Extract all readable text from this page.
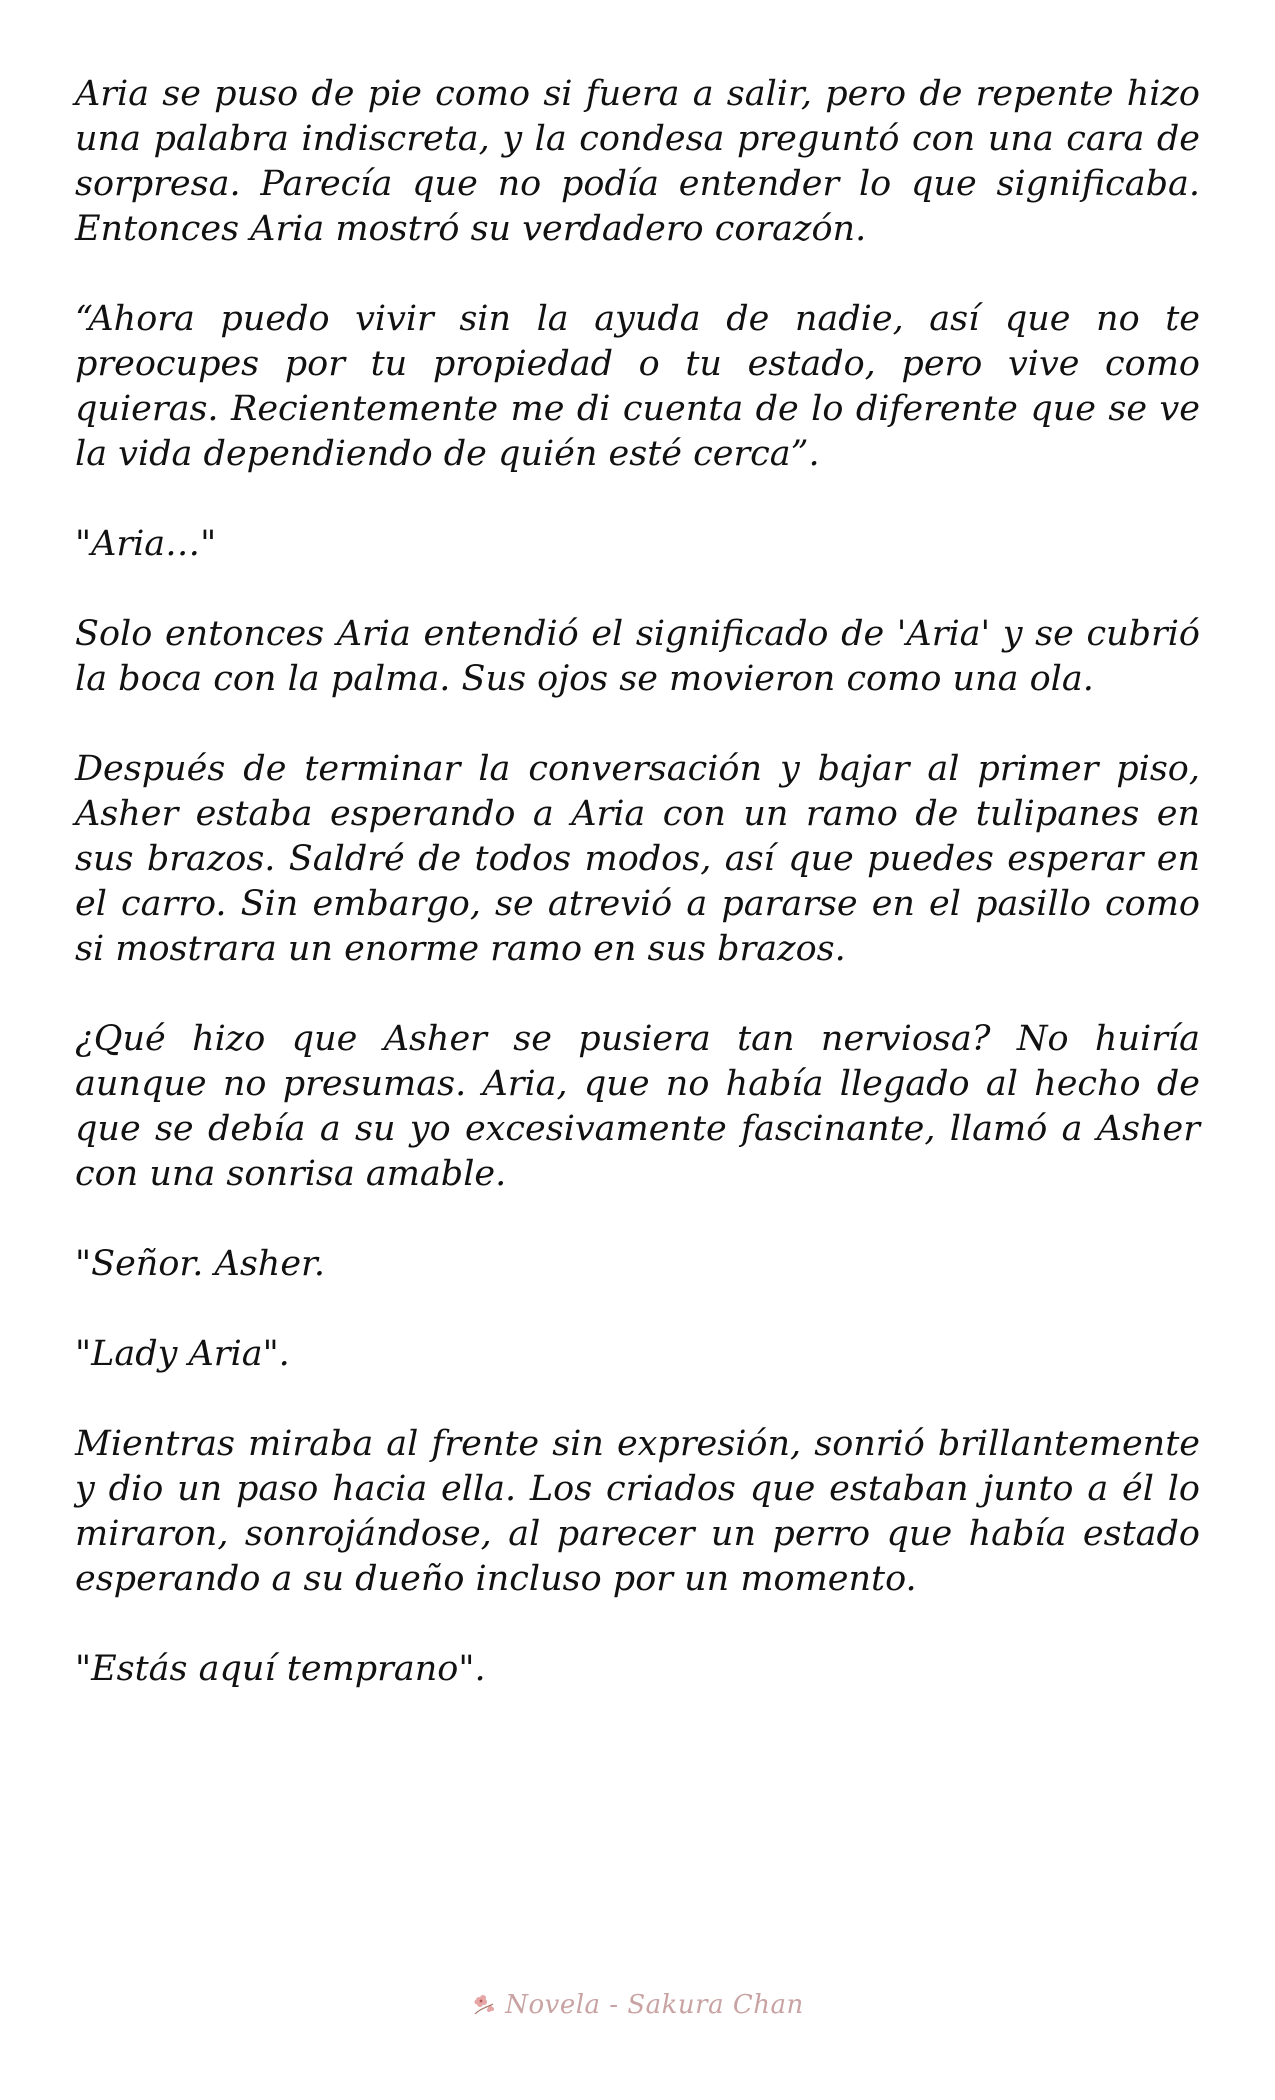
Aria se puso de pie como si fuera a salir, pero de repente hizo una palabra indiscreta, y la condesa preguntó con una cara de sorpresa. Parecía que no podía entender lo que significaba. Entonces Aria mostró su verdadero corazón.

“Ahora puedo vivir sin la ayuda de nadie, así que no te preocupes por tu propiedad o tu estado, pero vive como quieras. Recientemente me di cuenta de lo diferente que se ve la vida dependiendo de quién esté cerca”.

"Aria…"

Solo entonces Aria entendió el significado de 'Aria' y se cubrió la boca con la palma. Sus ojos se movieron como una ola.

Después de terminar la conversación y bajar al primer piso, Asher estaba esperando a Aria con un ramo de tulipanes en sus brazos. Saldré de todos modos, así que puedes esperar en el carro. Sin embargo, se atrevió a pararse en el pasillo como si mostrara un enorme ramo en sus brazos.

¿Qué hizo que Asher se pusiera tan nerviosa? No huiría aunque no presumas. Aria, que no había llegado al hecho de que se debía a su yo excesivamente fascinante, llamó a Asher con una sonrisa amable.

"Señor. Asher.

"Lady Aria".

Mientras miraba al frente sin expresión, sonrió brillantemente y dio un paso hacia ella. Los criados que estaban junto a él lo miraron, sonrojándose, al parecer un perro que había estado esperando a su dueño incluso por un momento.

"Estás aquí temprano".

Novela - Sakura Chan
